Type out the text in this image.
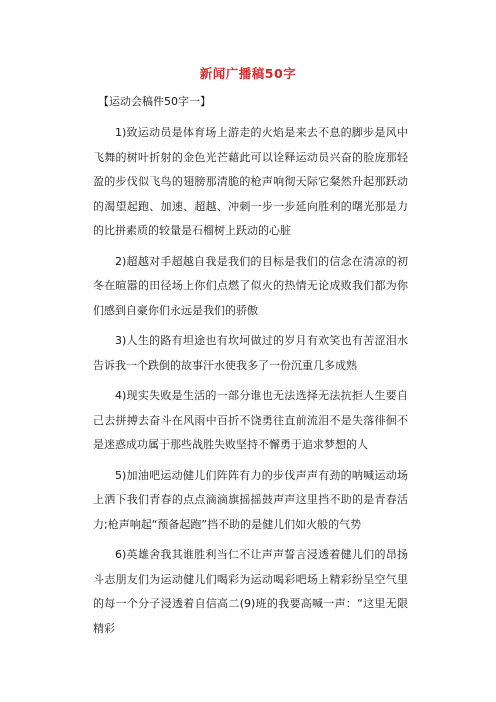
新闻广播稿50字
【运动会稿件50字一】

1)致运动员是体育场上游走的火焰是来去不息的脚步是风中飞舞的树叶折射的金色光芒藉此可以诠释运动员兴奋的脸庞那轻盈的步伐似飞鸟的翅膀那清脆的枪声响彻天际它粲然升起那跃动的渴望起跑、加速、超越、冲刺一步一步延向胜利的曙光那是力的比拼素质的较量是石榴树上跃动的心脏

2)超越对手超越自我是我们的目标是我们的信念在清凉的初冬在暄嚣的田径场上你们点燃了似火的热情无论成败我们都为你们感到自豪你们永远是我们的骄傲

3)人生的路有坦途也有坎坷做过的岁月有欢笑也有苦涩泪水告诉我一个跌倒的故事汗水使我多了一份沉重几多成熟

4)现实失败是生活的一部分谁也无法选择无法抗拒人生要自己去拼搏去奋斗在风雨中百折不饶勇往直前流泪不是失落徘徊不是迷惑成功属于那些战胜失败坚持不懈勇于追求梦想的人

5)加油吧运动健儿们阵阵有力的步伐声声有劲的呐喊运动场上洒下我们青春的点点滴滴旗摇摇鼓声声这里挡不助的是青春活力;枪声响起“预备起跑”挡不助的是健儿们如火般的气势

6)英雄舍我其谁胜利当仁不让声声誓言浸透着健儿们的昂扬斗志朋友们为运动健儿们喝彩为运动喝彩吧场上精彩纷呈空气里的每一个分子浸透着自信高二(9)班的我要高喊一声：“这里无限精彩
